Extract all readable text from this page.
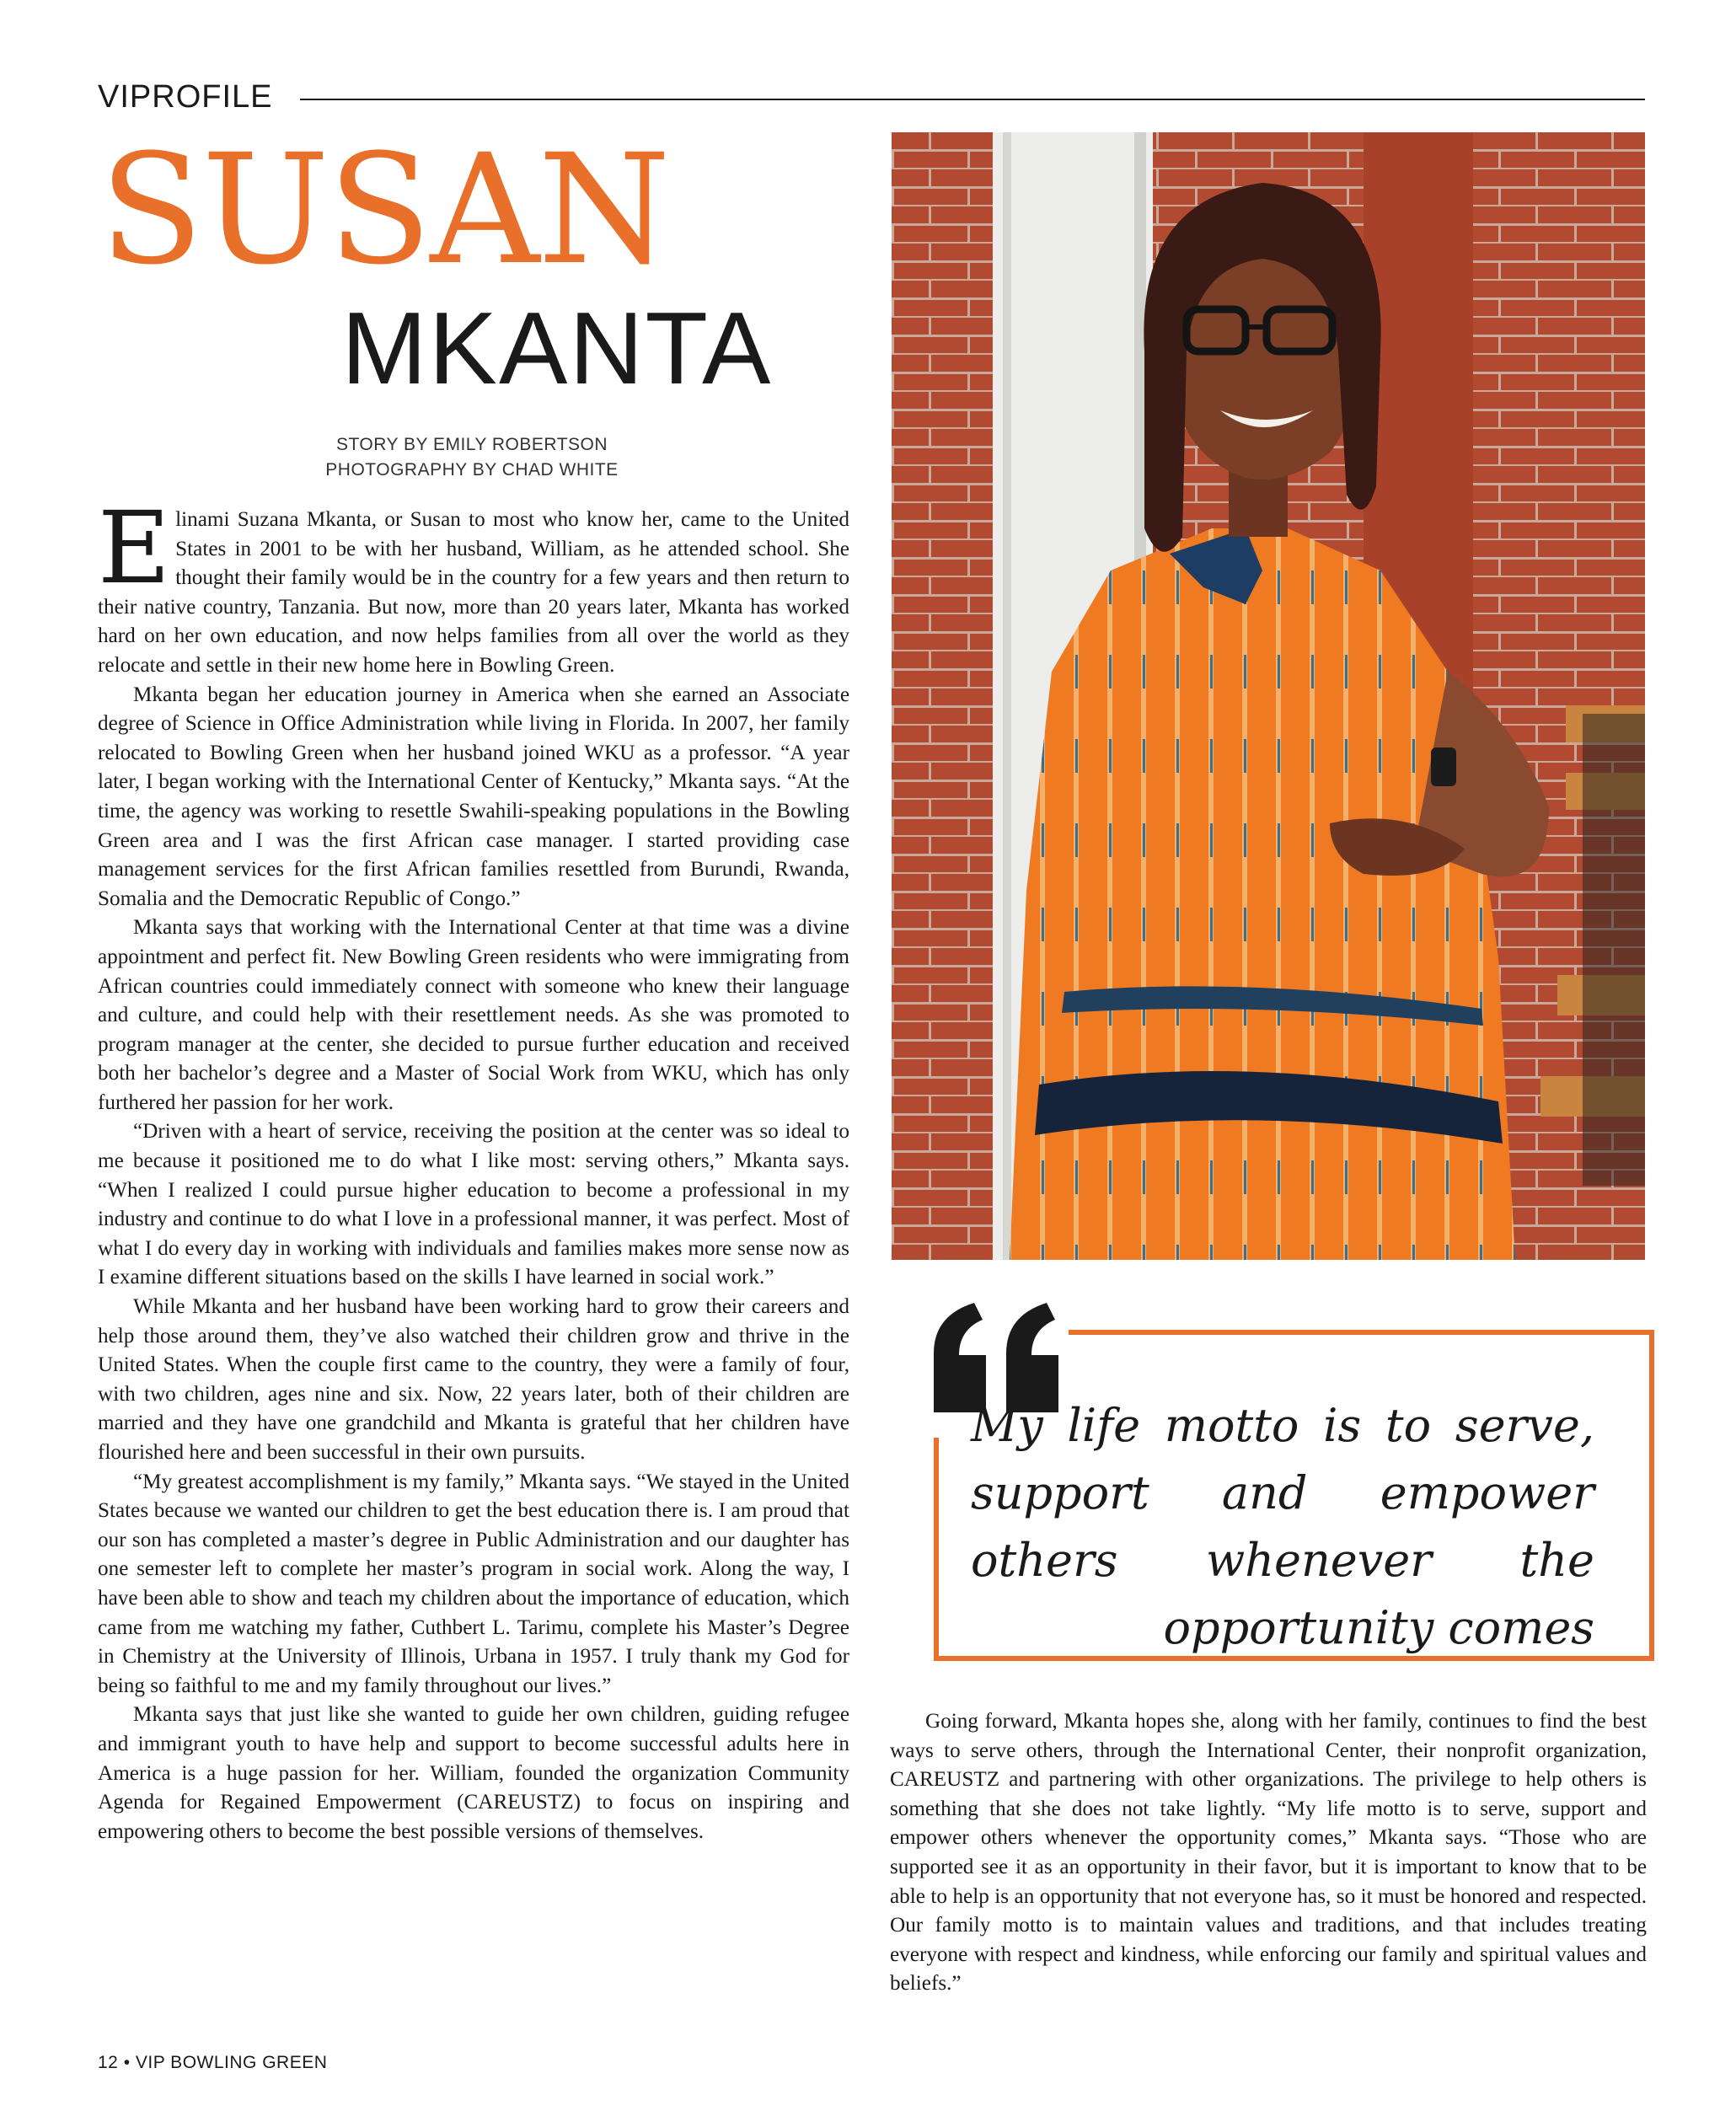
VIPROFILE
SUSAN
MKANTA
STORY BY EMILY ROBERTSON
PHOTOGRAPHY BY CHAD WHITE

Elinami Suzana Mkanta, or Susan to most who know her, came to the United States in 2001 to be with her husband, William, as he attended school. She thought their family would be in the country for a few years and then return to their native country, Tanzania. But now, more than 20 years later, Mkanta has worked hard on her own education, and now helps families from all over the world as they relocate and settle in their new home here in Bowling Green.

Mkanta began her education journey in America when she earned an Associate degree of Science in Office Administration while living in Florida. In 2007, her family relocated to Bowling Green when her husband joined WKU as a professor. “A year later, I began working with the International Center of Kentucky,” Mkanta says. “At the time, the agency was working to resettle Swahili-speaking populations in the Bowling Green area and I was the first African case manager. I started providing case management services for the first African families resettled from Burundi, Rwanda, Somalia and the Democratic Republic of Congo.”

Mkanta says that working with the International Center at that time was a divine appointment and perfect fit. New Bowling Green residents who were immigrating from African countries could immediately connect with someone who knew their language and culture, and could help with their resettlement needs. As she was promoted to program manager at the center, she decided to pursue further education and received both her bachelor’s degree and a Master of Social Work from WKU, which has only furthered her passion for her work.

“Driven with a heart of service, receiving the position at the center was so ideal to me because it positioned me to do what I like most: serving others,” Mkanta says. “When I realized I could pursue higher education to become a professional in my industry and continue to do what I love in a professional manner, it was perfect. Most of what I do every day in working with individuals and families makes more sense now as I examine different situations based on the skills I have learned in social work.”

While Mkanta and her husband have been working hard to grow their careers and help those around them, they’ve also watched their children grow and thrive in the United States. When the couple first came to the country, they were a family of four, with two children, ages nine and six. Now, 22 years later, both of their children are married and they have one grandchild and Mkanta is grateful that her children have flourished here and been successful in their own pursuits.

“My greatest accomplishment is my family,” Mkanta says. “We stayed in the United States because we wanted our children to get the best education there is. I am proud that our son has completed a master’s degree in Public Administration and our daughter has one semester left to complete her master’s program in social work. Along the way, I have been able to show and teach my children about the importance of education, which came from me watching my father, Cuthbert L. Tarimu, complete his Master’s Degree in Chemistry at the University of Illinois, Urbana in 1957. I truly thank my God for being so faithful to me and my family throughout our lives.”

Mkanta says that just like she wanted to guide her own children, guiding refugee and immigrant youth to have help and support to become successful adults here in America is a huge passion for her. William, founded the organization Community Agenda for Regained Empowerment (CAREUSTZ) to focus on inspiring and empowering others to become the best possible versions of themselves.

My life motto is to serve, support and empower others whenever the opportunity comes

Going forward, Mkanta hopes she, along with her family, continues to find the best ways to serve others, through the International Center, their nonprofit organization, CAREUSTZ and partnering with other organizations. The privilege to help others is something that she does not take lightly. “My life motto is to serve, support and empower others whenever the opportunity comes,” Mkanta says. “Those who are supported see it as an opportunity in their favor, but it is important to know that to be able to help is an opportunity that not everyone has, so it must be honored and respected. Our family motto is to maintain values and traditions, and that includes treating everyone with respect and kindness, while enforcing our family and spiritual values and beliefs.”

12 • VIP BOWLING GREEN
